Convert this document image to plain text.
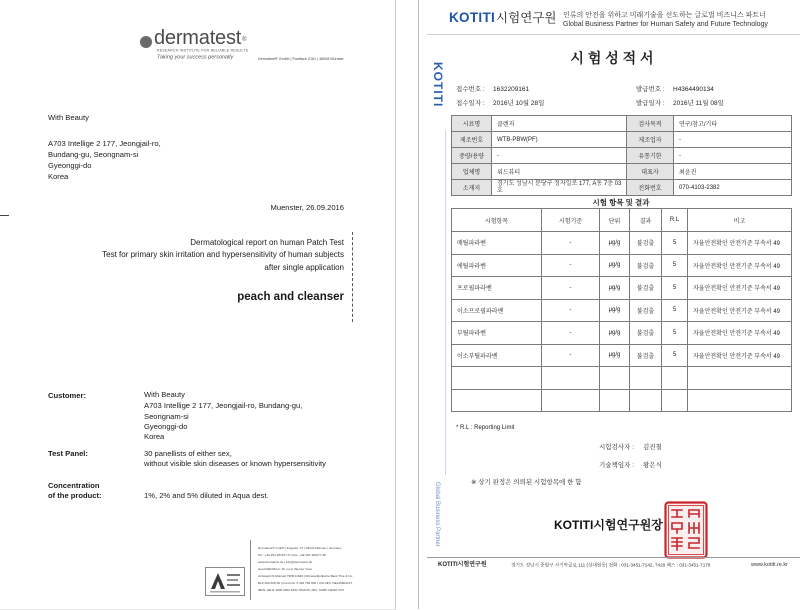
dermatest®
RESEARCH INSTITUTE FOR RELIABLE RESULTS
Taking your success personally	Dermatest® GmbH | Postfach 2161 | 48008 Münster
With Beauty
A703 Intellige 2 177, Jeongjail-ro,
Bundang-gu, Seongnam-si
Gyeonggi-do
Korea
Muenster, 26.09.2016
Dermatological report on human Patch Test
Test for primary skin irritation and hypersensitivity of human subjects
after single application
peach and cleanser
Customer:	With Beauty
A703 Intellige 2 177, Jeongjail-ro, Bundang-gu,
Seongnam-si
Gyeonggi-do
Korea
Test Panel:	30 panellists of either sex,
without visible skin diseases or known hypersensitivity
Concentration
of the product:	1%, 2% and 5% diluted in Aqua dest.
Dermatest® GmbH | Engelstr. 37 | 48143 Münster | Germany
Tel.: +49 251 481677-0 | Fax: +49 251 481677-66
www.dermatest.de | info@dermatest.de
Geschäftsführer: Dr. med. Werner Voss
Amtsgericht Münster HRB 11648 | Münsterländische Bank Thie & Co.
BLZ 400 600 00 | Konto-Nr. 5 492 784 800 | USt-IdNr. DE126604147
IBAN: DE11 4006 0000 5492 7848 00 | BIC: MLBK DE3M XXX
KOTITI시험연구원 인류의 안전을 위하고 미래기술을 선도하는 글로벌 비즈니스 파트너
Global Business Partner for Human Safety and Future Technology
KOTITI
Global Business Partner
시 험 성 적 서
접수번호 : 1632209161	발급번호 : H4364490134
접수일자 : 2016년 10월 28일	발급일자 : 2016년 11월 08일
시료명	클렌저	검사목적	연구/참고/기타
제조번호	WTB-PBW(PF)	제조업자	-
중량/용량	-	유통기한	-
업체명	위드뷰티	대표자	최윤진
소재지	경기도 성남시 분당구 정자일로 177, A동 7층 03호	전화번호	070-4103-2382
시험 항목 및 결과
시험항목	시험기준	단위	결과	R.L	비고
메틸파라벤	-	μg/g	불검출	5	자율안전확인 안전기준 부속서 49
에틸파라벤	-	μg/g	불검출	5	자율안전확인 안전기준 부속서 49
프로필파라벤	-	μg/g	불검출	5	자율안전확인 안전기준 부속서 49
이소프로필파라벤	-	μg/g	불검출	5	자율안전확인 안전기준 부속서 49
부틸파라벤	-	μg/g	불검출	5	자율안전확인 안전기준 부속서 49
이소부틸파라벤	-	μg/g	불검출	5	자율안전확인 안전기준 부속서 49

* R.L : Reporting Limit
시험검사자 : 김진철
기술책임자 : 왕은식
※ 상기 판정은 의뢰된 시험항목에 한 함
KOTITI시험연구원장
KOTITI시험연구원	경기도 성남시 중원구 사기막골로 111 (상대원동) 전화 : 031-3451-7142, 7429 팩스 : 031-3451-7179	www.kotiti.re.kr
